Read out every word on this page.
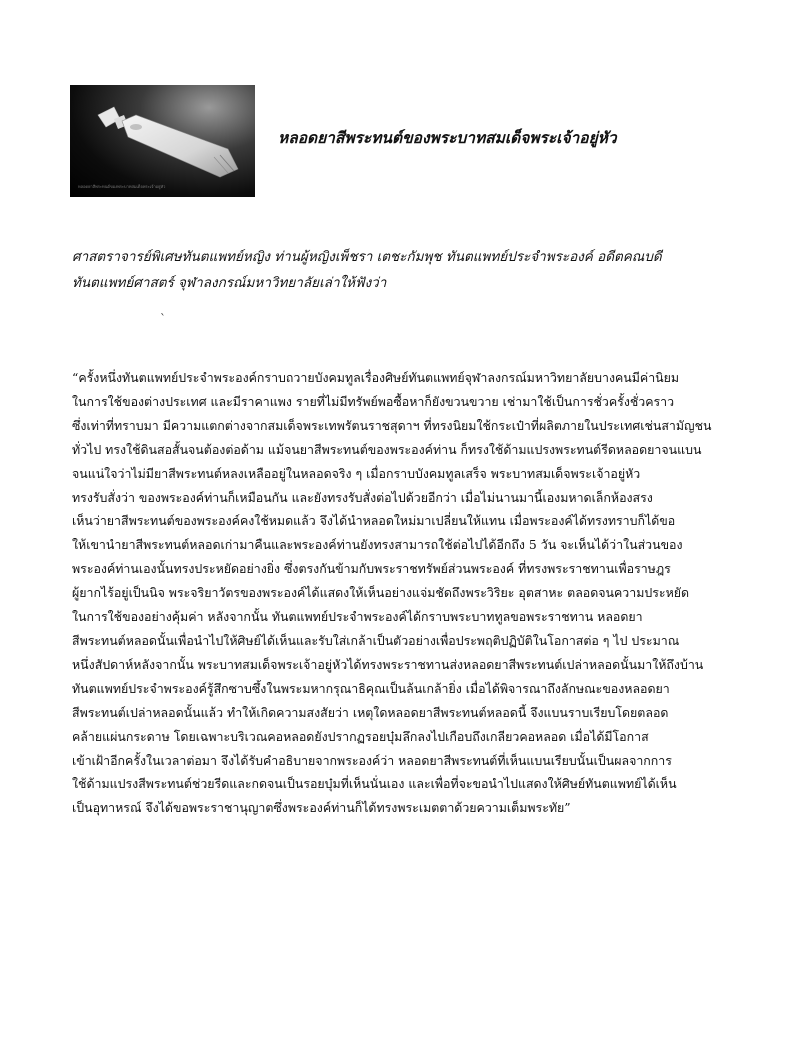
หลอดยาสีพระทนต์ของพระบาทสมเด็จพระเจ้าอยู่หัว
หลอดยาสีพระทนต์ของพระบาทสมเด็จพระเจ้าอยู่หัว
ศาสตราจารย์พิเศษทันตแพทย์หญิง ท่านผู้หญิงเพ็ชรา เตชะกัมพุช ทันตแพทย์ประจำพระองค์ อดีตคณบดี
ทันตแพทย์ศาสตร์ จุฬาลงกรณ์มหาวิทยาลัยเล่าให้ฟังว่า
`
“ครั้งหนึ่งทันตแพทย์ประจำพระองค์กราบถวายบังคมทูลเรื่องศิษย์ทันตแพทย์จุฬาลงกรณ์มหาวิทยาลัยบางคนมีค่านิยม
ในการใช้ของต่างประเทศ และมีราคาแพง รายที่ไม่มีทรัพย์พอซื้อหาก็ยังขวนขวาย เช่ามาใช้เป็นการชั่วครั้งชั่วคราว
ซึ่งเท่าที่ทราบมา มีความแตกต่างจากสมเด็จพระเทพรัตนราชสุดาฯ ที่ทรงนิยมใช้กระเป๋าที่ผลิตภายในประเทศเช่นสามัญชน
ทั่วไป ทรงใช้ดินสอสั้นจนต้องต่อด้าม แม้จนยาสีพระทนต์ของพระองค์ท่าน ก็ทรงใช้ด้ามแปรงพระทนต์รีดหลอดยาจนแบน
จนแน่ใจว่าไม่มียาสีพระทนต์หลงเหลืออยู่ในหลอดจริง ๆ เมื่อกราบบังคมทูลเสร็จ พระบาทสมเด็จพระเจ้าอยู่หัว
ทรงรับสั่งว่า ของพระองค์ท่านก็เหมือนกัน และยังทรงรับสั่งต่อไปด้วยอีกว่า เมื่อไม่นานมานี้เองมหาดเล็กห้องสรง
เห็นว่ายาสีพระทนต์ของพระองค์คงใช้หมดแล้ว จึงได้นำหลอดใหม่มาเปลี่ยนให้แทน เมื่อพระองค์ได้ทรงทราบก็ได้ขอ
ให้เขานำยาสีพระทนต์หลอดเก่ามาคืนและพระองค์ท่านยังทรงสามารถใช้ต่อไปได้อีกถึง 5 วัน จะเห็นได้ว่าในส่วนของ
พระองค์ท่านเองนั้นทรงประหยัดอย่างยิ่ง ซึ่งตรงกันข้ามกับพระราชทรัพย์ส่วนพระองค์ ที่ทรงพระราชทานเพื่อราษฎร
ผู้ยากไร้อยู่เป็นนิจ พระจริยาวัตรของพระองค์ได้แสดงให้เห็นอย่างแจ่มชัดถึงพระวิริยะ อุตสาหะ ตลอดจนความประหยัด
ในการใช้ของอย่างคุ้มค่า หลังจากนั้น ทันตแพทย์ประจำพระองค์ได้กราบพระบาททูลขอพระราชทาน หลอดยา
สีพระทนต์หลอดนั้นเพื่อนำไปให้ศิษย์ได้เห็นและรับใส่เกล้าเป็นตัวอย่างเพื่อประพฤติปฏิบัติในโอกาสต่อ ๆ ไป ประมาณ
หนึ่งสัปดาห์หลังจากนั้น พระบาทสมเด็จพระเจ้าอยู่หัวได้ทรงพระราชทานส่งหลอดยาสีพระทนต์เปล่าหลอดนั้นมาให้ถึงบ้าน
ทันตแพทย์ประจำพระองค์รู้สึกซาบซึ้งในพระมหากรุณาธิคุณเป็นล้นเกล้ายิ่ง เมื่อได้พิจารณาถึงลักษณะของหลอดยา
สีพระทนต์เปล่าหลอดนั้นแล้ว ทำให้เกิดความสงสัยว่า เหตุใดหลอดยาสีพระทนต์หลอดนี้ จึงแบนราบเรียบโดยตลอด
คล้ายแผ่นกระดาษ โดยเฉพาะบริเวณคอหลอดยังปรากฏรอยบุ๋มลึกลงไปเกือบถึงเกลียวคอหลอด เมื่อได้มีโอกาส
เข้าเฝ้าอีกครั้งในเวลาต่อมา จึงได้รับคำอธิบายจากพระองค์ว่า หลอดยาสีพระทนต์ที่เห็นแบนเรียบนั้นเป็นผลจากการ
ใช้ด้ามแปรงสีพระทนต์ช่วยรีดและกดจนเป็นรอยบุ๋มที่เห็นนั่นเอง และเพื่อที่จะขอนำไปแสดงให้ศิษย์ทันตแพทย์ได้เห็น
เป็นอุทาหรณ์ จึงได้ขอพระราชานุญาตซึ่งพระองค์ท่านก็ได้ทรงพระเมตตาด้วยความเต็มพระทัย”
